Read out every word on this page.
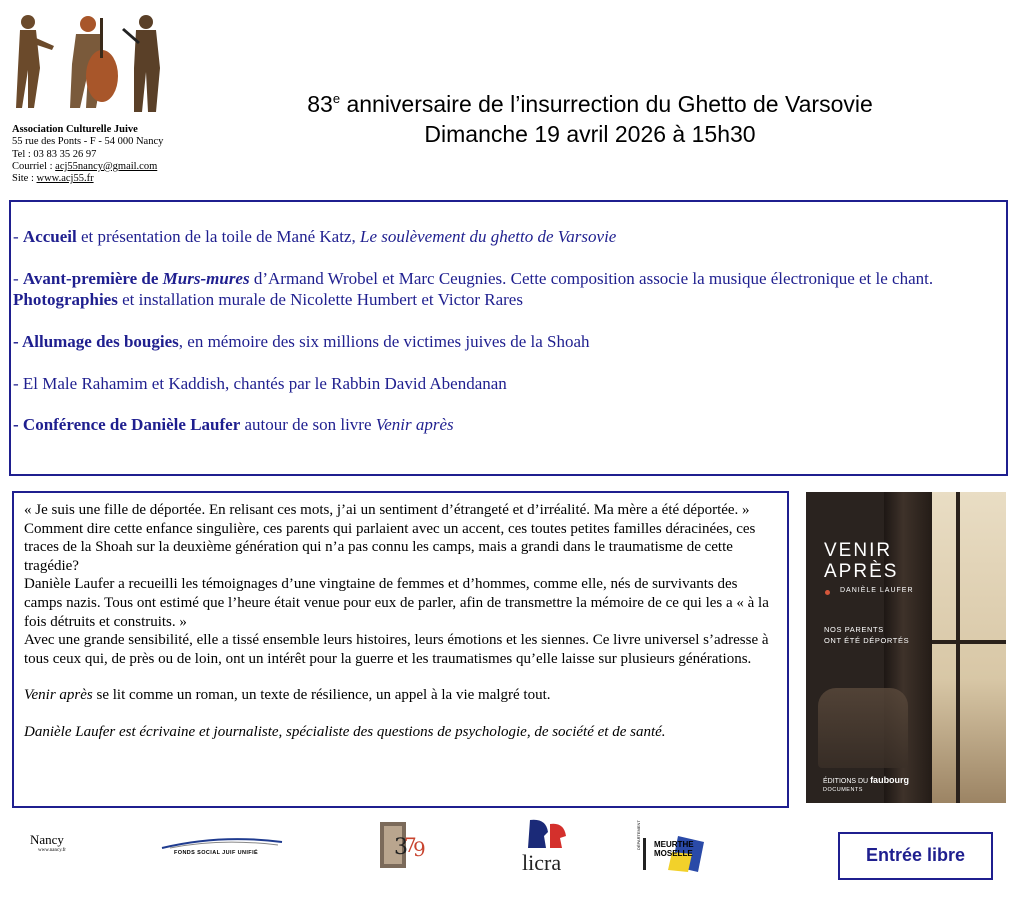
Association Culturelle Juive
55 rue des Ponts - F - 54 000 Nancy
Tel : 03 83 35 26 97
Courriel : acj55nancy@gmail.com
Site : www.acj55.fr
83e anniversaire de l’insurrection du Ghetto de Varsovie
Dimanche 19 avril 2026 à 15h30
- Accueil et présentation de la toile de Mané Katz, Le soulèvement du ghetto de Varsovie
- Avant-première de Murs-mures d’Armand Wrobel et Marc Ceugnies. Cette composition associe la musique électronique et le chant. Photographies et installation murale de Nicolette Humbert et Victor Rares
- Allumage des bougies, en mémoire des six millions de victimes juives de la Shoah
- El Male Rahamim et Kaddish, chantés par le Rabbin David Abendanan
- Conférence de Danièle Laufer autour de son livre Venir après

« Je suis une fille de déportée. En relisant ces mots, j’ai un sentiment d’étrangeté et d’irréalité. Ma mère a été déportée. »

Comment dire cette enfance singulière, ces parents qui parlaient avec un accent, ces toutes petites familles déracinées, ces traces de la Shoah sur la deuxième génération qui n’a pas connu les camps, mais a grandi dans le traumatisme de cette tragédie?

Danièle Laufer a recueilli les témoignages d’une vingtaine de femmes et d’hommes, comme elle, nés de survivants des camps nazis. Tous ont estimé que l’heure était venue pour eux de parler, afin de transmettre la mémoire de ce qui les a « à la fois détruits et construits. »

Avec une grande sensibilité, elle a tissé ensemble leurs histoires, leurs émotions et les siennes. Ce livre universel s’adresse à tous ceux qui, de près ou de loin, ont un intérêt pour la guerre et les traumatismes qu’elle laisse sur plusieurs générations.

Venir après se lit comme un roman, un texte de résilience, un appel à la vie malgré tout.

Danièle Laufer est écrivaine et journaliste, spécialiste des questions de psychologie, de société et de santé.

VENIR
APRÈS
DANIÈLE LAUFER
NOS PARENTS
ONT ÉTÉ DÉPORTÉS
ÉDITIONS DU faubourg
DOCUMENTS
Nancy
www.nancy.fr	FONDS SOCIAL JUIF UNIFIÉ	3
7
9
licra
MEURTHE
MOSELLE
DÉPARTEMENT
Entrée libre
